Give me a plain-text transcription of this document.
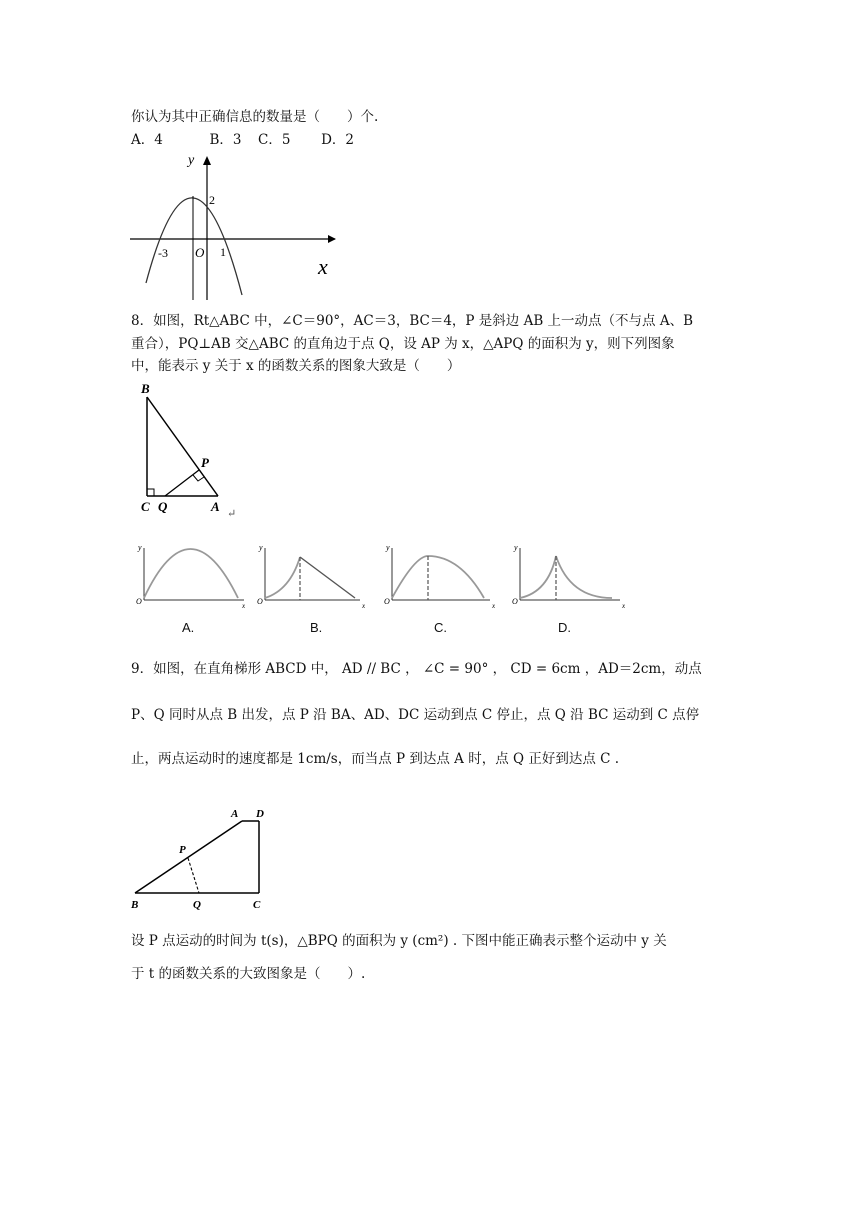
你认为其中正确信息的数量是（　　）个.
A．4	B．3 C．5 D．2
y
2
-3 O 1
x
8．如图，Rt△ABC 中，∠C＝90°，AC＝3，BC＝4，P 是斜边 AB 上一动点（不与点 A、B
重合），PQ⊥AB 交△ABC 的直角边于点 Q，设 AP 为 x，△APQ 的面积为 y，则下列图象
中，能表示 y 关于 x 的函数关系的图象大致是（　　）
B
P
C Q	A ↵
y
O	x
y
O	x
y
O	x
y
O	x
A.	B.	C.	D.
9．如图，在直角梯形 ABCD 中， AD // BC ， ∠C = 90° ， CD = 6cm ，AD＝2cm，动点
P、Q 同时从点 B 出发，点 P 沿 BA、AD、DC 运动到点 C 停止，点 Q 沿 BC 运动到 C 点停
止，两点运动时的速度都是 1cm/s，而当点 P 到达点 A 时，点 Q 正好到达点 C .
A D
P
B	Q	C
设 P 点运动的时间为 t(s)，△BPQ 的面积为 y (cm²) . 下图中能正确表示整个运动中 y 关
于 t 的函数关系的大致图象是（　　）.
